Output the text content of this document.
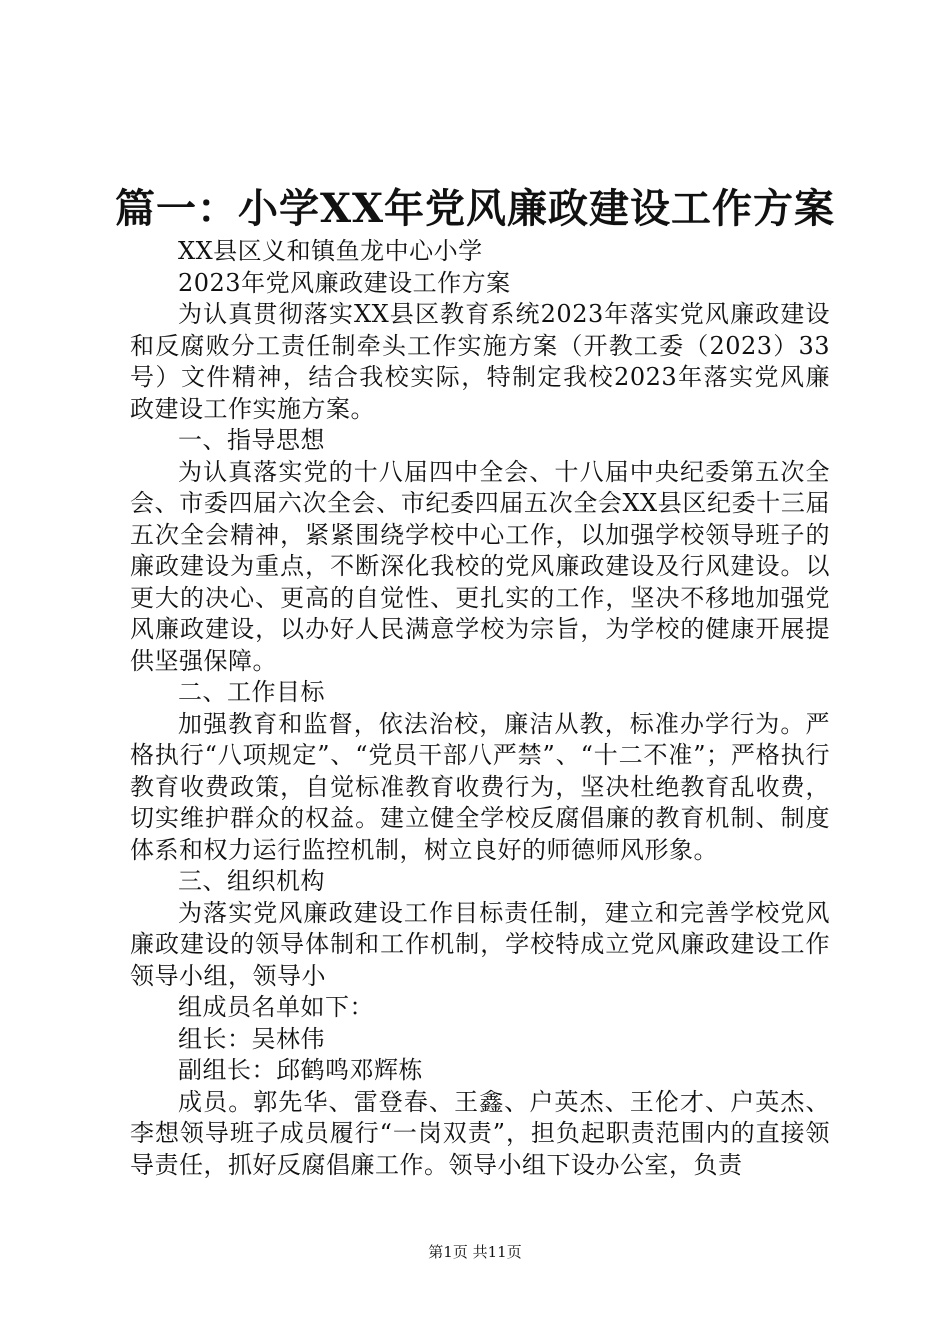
篇一：小学XX年党风廉政建设工作方案

XX县区义和镇鱼龙中心小学

2023年党风廉政建设工作方案

为认真贯彻落实XX县区教育系统2023年落实党风廉政建设和反腐败分工责任制牵头工作实施方案（开教工委（2023）33号）文件精神，结合我校实际，特制定我校2023年落实党风廉政建设工作实施方案。

一、指导思想

为认真落实党的十八届四中全会、十八届中央纪委第五次全会、市委四届六次全会、市纪委四届五次全会XX县区纪委十三届五次全会精神，紧紧围绕学校中心工作，以加强学校领导班子的廉政建设为重点，不断深化我校的党风廉政建设及行风建设。以更大的决心、更高的自觉性、更扎实的工作，坚决不移地加强党风廉政建设，以办好人民满意学校为宗旨，为学校的健康开展提供坚强保障。

二、工作目标

加强教育和监督，依法治校，廉洁从教，标准办学行为。严格执行“八项规定”、“党员干部八严禁”、“十二不准”；严格执行教育收费政策，自觉标准教育收费行为，坚决杜绝教育乱收费，切实维护群众的权益。建立健全学校反腐倡廉的教育机制、制度体系和权力运行监控机制，树立良好的师德师风形象。

三、组织机构

为落实党风廉政建设工作目标责任制，建立和完善学校党风廉政建设的领导体制和工作机制，学校特成立党风廉政建设工作领导小组，领导小

组成员名单如下：

组长：吴林伟

副组长：邱鹤鸣邓辉栋

成员。郭先华、雷登春、王鑫、户英杰、王伦才、户英杰、李想领导班子成员履行“一岗双责”，担负起职责范围内的直接领导责任，抓好反腐倡廉工作。领导小组下设办公室，负责

第1页 共11页
